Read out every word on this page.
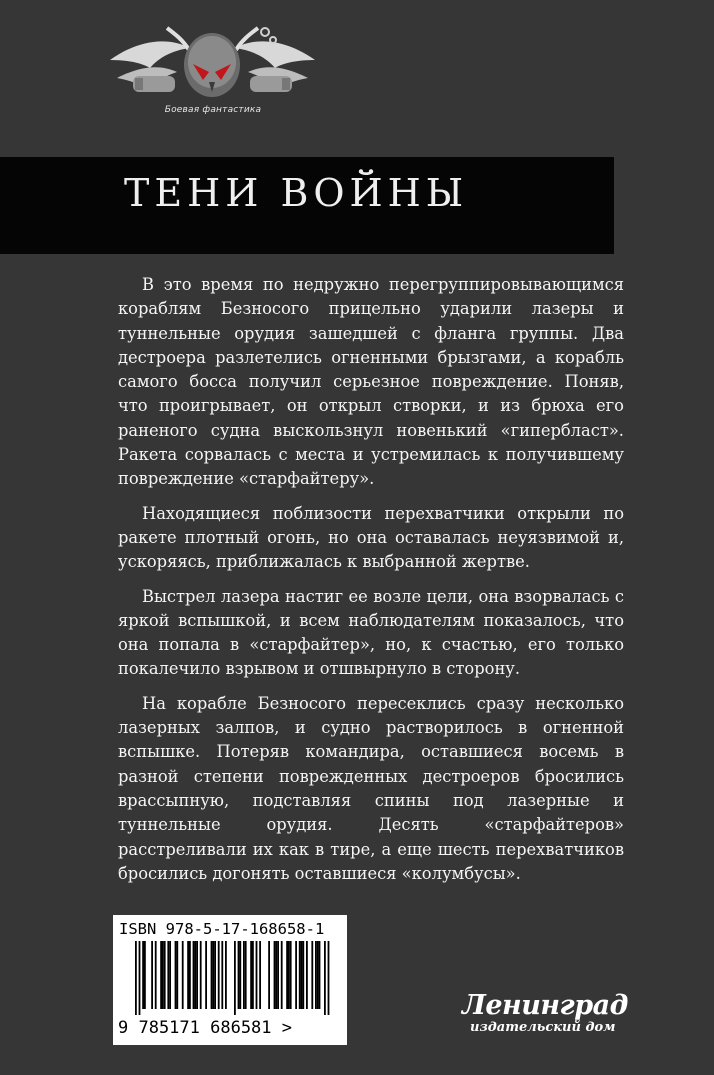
Боевая фантастика
ТЕНИ ВОЙНЫ

В это время по недружно перегруппировывающимся кораблям Безносого прицельно ударили лазеры и туннельные орудия зашедшей с фланга группы. Два дестроера разлетелись огненными брызгами, а корабль самого босса получил серьезное повреждение. Поняв, что проигрывает, он открыл створки, и из брюха его раненого судна выскользнул новенький «гипербласт». Ракета сорвалась с места и устремилась к получившему повреждение «старфайтеру».

Находящиеся поблизости перехватчики открыли по ракете плотный огонь, но она оставалась неуязвимой и, ускоряясь, приближалась к выбранной жертве.

Выстрел лазера настиг ее возле цели, она взорвалась с яркой вспышкой, и всем наблюдателям показалось, что она попала в «старфайтер», но, к счастью, его только покалечило взрывом и отшвырнуло в сторону.

На корабле Безносого пересеклись сразу несколько лазерных залпов, и судно растворилось в огненной вспышке. Потеряв командира, оставшиеся восемь в разной степени поврежденных дестроеров бросились врассыпную, подставляя спины под лазерные и туннельные орудия. Десять «старфайтеров» расстреливали их как в тире, а еще шесть перехватчиков бросились догонять оставшиеся «колумбусы».

ISBN 978-5-17-168658-1
9 785171 686581 >
Ленинград
издательский дом
